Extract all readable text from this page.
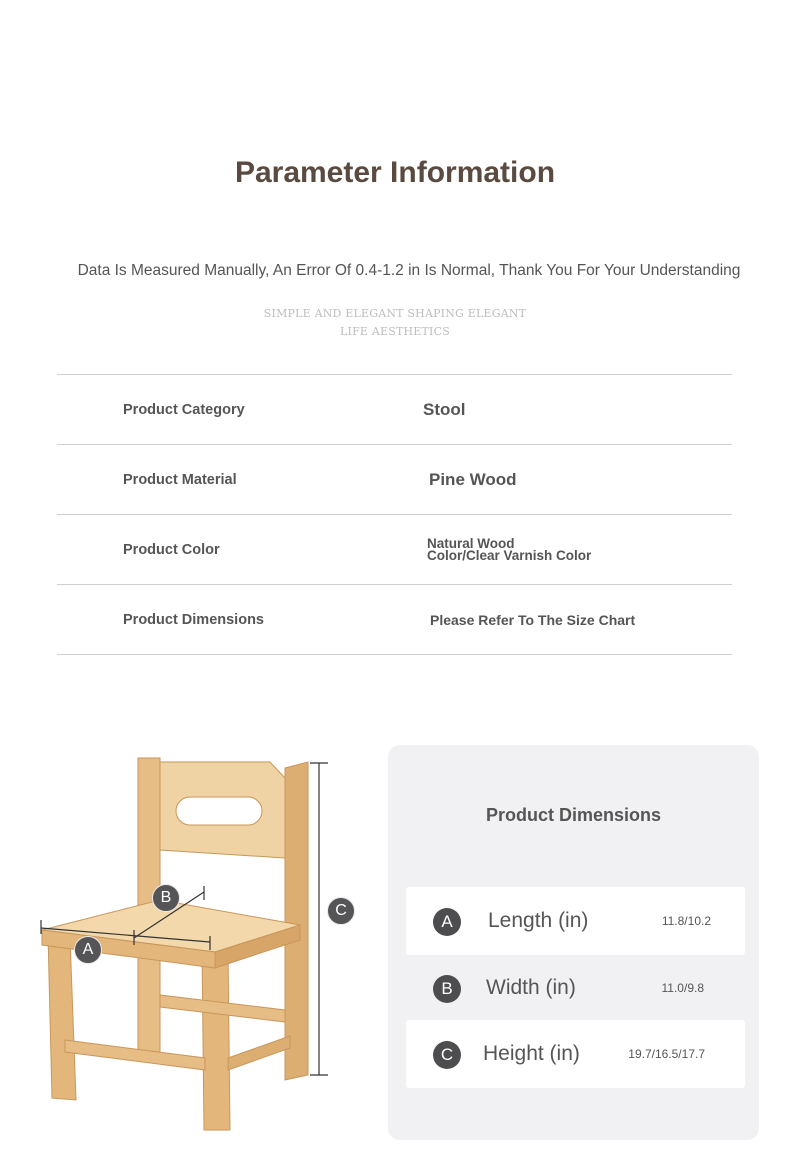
Parameter Information
Data Is Measured Manually, An Error Of 0.4-1.2 in Is Normal, Thank You For Your Understanding
SIMPLE AND ELEGANT SHAPING ELEGANT
LIFE AESTHETICS
Product Category	Stool
Product Material	Pine Wood
Product Color	Natural Wood
Color/Clear Varnish Color
Product Dimensions	Please Refer To The Size Chart
A
B
C
Product Dimensions
A	Length (in)	11.8/10.2
B	Width (in)	11.0/9.8
C	Height (in)	19.7/16.5/17.7
